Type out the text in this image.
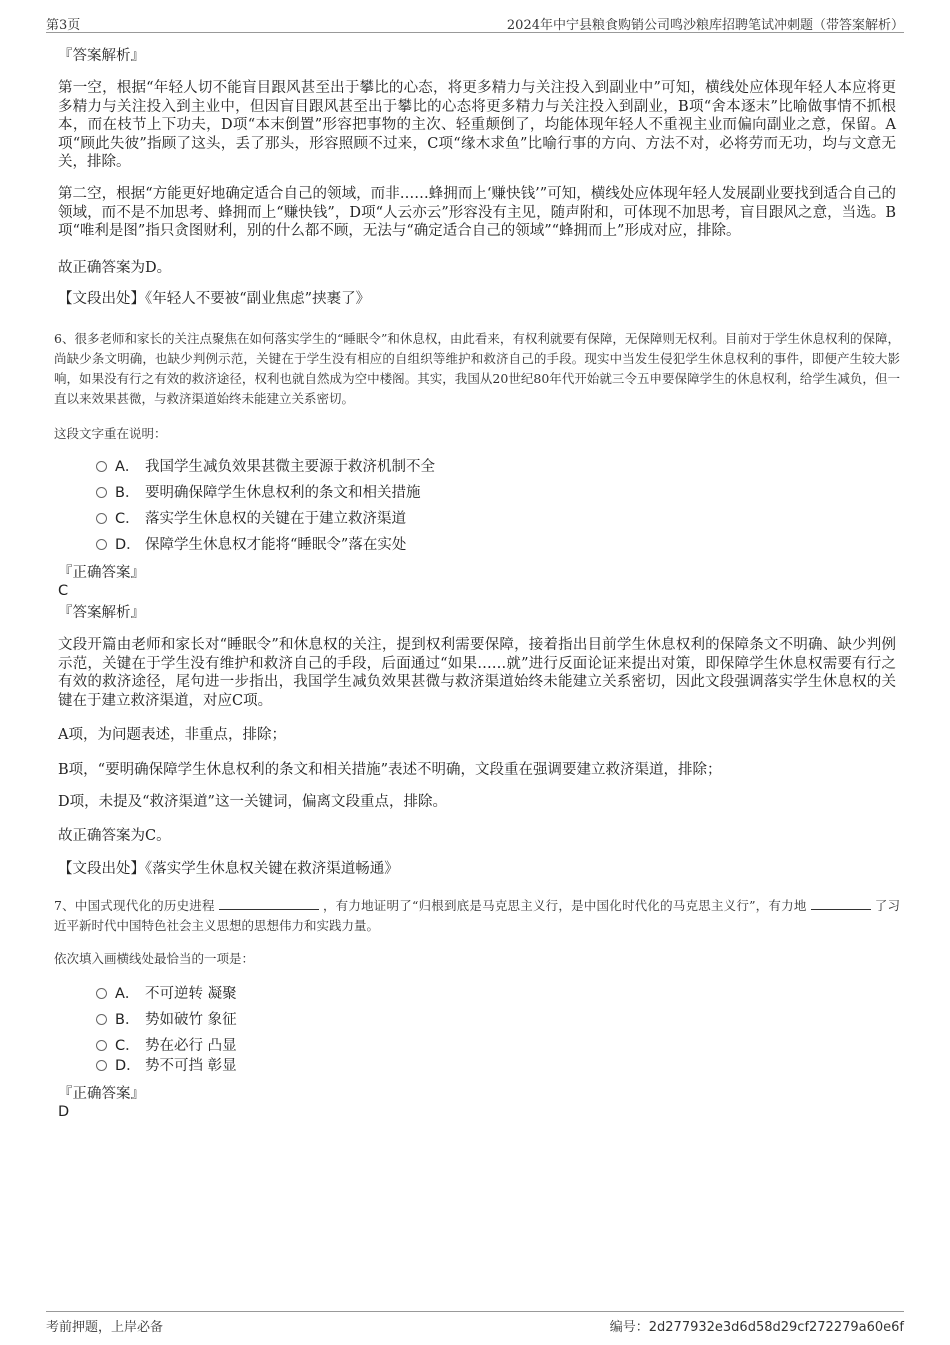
第3页	2024年中宁县粮食购销公司鸣沙粮库招聘笔试冲刺题（带答案解析）
『答案解析』

第一空，根据“年轻人切不能盲目跟风甚至出于攀比的心态，将更多精力与关注投入到副业中”可知，横线处应体现年轻人本应将更多精力与关注投入到主业中，但因盲目跟风甚至出于攀比的心态将更多精力与关注投入到副业，B项“舍本逐末”比喻做事情不抓根本，而在枝节上下功夫，D项“本末倒置”形容把事物的主次、轻重颠倒了，均能体现年轻人不重视主业而偏向副业之意，保留。A项“顾此失彼”指顾了这头，丢了那头，形容照顾不过来，C项“缘木求鱼”比喻行事的方向、方法不对，必将劳而无功，均与文意无关，排除。

第二空，根据“方能更好地确定适合自己的领域，而非……蜂拥而上‘赚快钱’”可知，横线处应体现年轻人发展副业要找到适合自己的领域，而不是不加思考、蜂拥而上“赚快钱”，D项“人云亦云”形容没有主见，随声附和，可体现不加思考，盲目跟风之意，当选。B项“唯利是图”指只贪图财利，别的什么都不顾，无法与“确定适合自己的领域”“蜂拥而上”形成对应，排除。

故正确答案为D。
【文段出处】《年轻人不要被“副业焦虑”挟裹了》

6、很多老师和家长的关注点聚焦在如何落实学生的“睡眠令”和休息权，由此看来，有权利就要有保障，无保障则无权利。目前对于学生休息权利的保障，尚缺少条文明确，也缺少判例示范，关键在于学生没有相应的自组织等维护和救济自己的手段。现实中当发生侵犯学生休息权利的事件，即便产生较大影响，如果没有行之有效的救济途径，权利也就自然成为空中楼阁。其实，我国从20世纪80年代开始就三令五申要保障学生的休息权利，给学生减负，但一直以来效果甚微，与救济渠道始终未能建立关系密切。

这段文字重在说明：
A． 我国学生减负效果甚微主要源于救济机制不全
B． 要明确保障学生休息权利的条文和相关措施
C． 落实学生休息权的关键在于建立救济渠道
D． 保障学生休息权才能将“睡眠令”落在实处
『正确答案』
C
『答案解析』

文段开篇由老师和家长对“睡眠令”和休息权的关注，提到权利需要保障，接着指出目前学生休息权利的保障条文不明确、缺少判例示范，关键在于学生没有维护和救济自己的手段，后面通过“如果……就”进行反面论证来提出对策，即保障学生休息权需要有行之有效的救济途径，尾句进一步指出，我国学生减负效果甚微与救济渠道始终未能建立关系密切，因此文段强调落实学生休息权的关键在于建立救济渠道，对应C项。

A项，为问题表述，非重点，排除；
B项，“要明确保障学生休息权利的条文和相关措施”表述不明确，文段重在强调要建立救济渠道，排除；
D项，未提及“救济渠道”这一关键词，偏离文段重点，排除。
故正确答案为C。
【文段出处】《落实学生休息权关键在救济渠道畅通》

7、中国式现代化的历史进程	，有力地证明了“归根到底是马克思主义行，是中国化时代化的马克思主义行”，有力地	了习近平新时代中国特色社会主义思想的思想伟力和实践力量。

依次填入画横线处最恰当的一项是：
A． 不可逆转 凝聚
B． 势如破竹 象征
C． 势在必行 凸显
D． 势不可挡 彰显
『正确答案』
D
考前押题，上岸必备	编号：2d277932e3d6d58d29cf272279a60e6f
